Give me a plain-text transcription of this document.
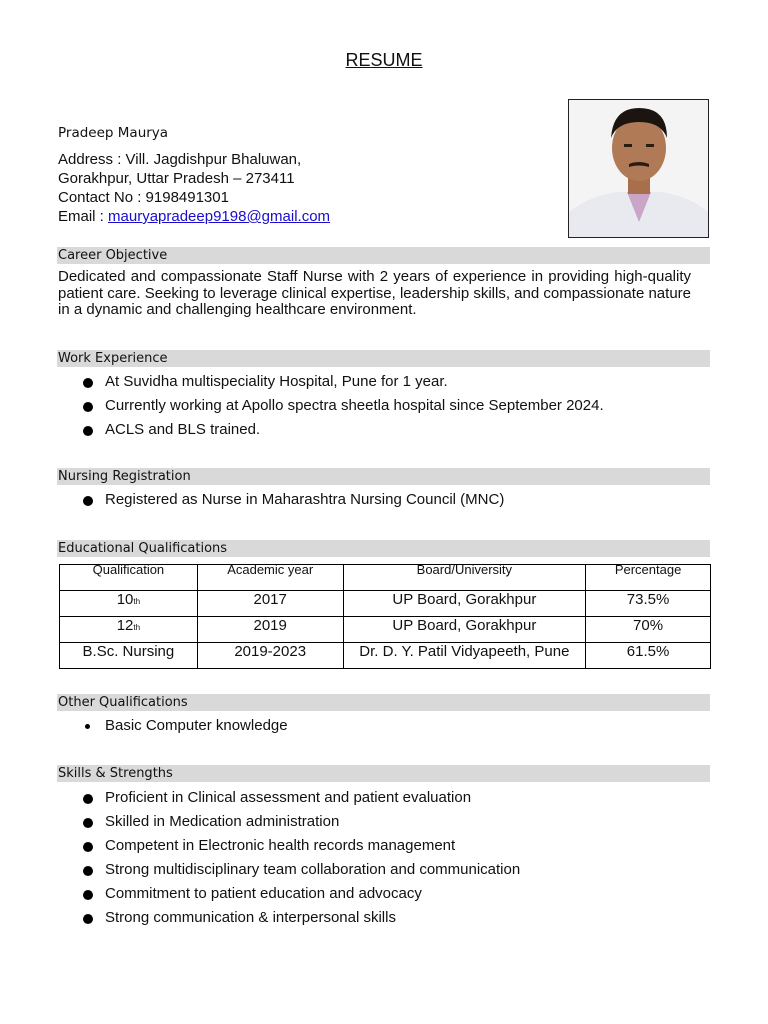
RESUME
Pradeep Maurya
Address : Vill. Jagdishpur Bhaluwan,
Gorakhpur, Uttar Pradesh – 273411
Contact No : 9198491301
Email : mauryapradeep9198@gmail.com
Career Objective
Dedicated and compassionate Staff Nurse with 2 years of experience in providing high-quality patient care. Seeking to leverage clinical expertise, leadership skills, and compassionate nature in a dynamic and challenging healthcare environment.
Work Experience
At Suvidha multispeciality Hospital, Pune for 1 year.
Currently working at Apollo spectra sheetla hospital since September 2024.
ACLS and BLS trained.
Nursing Registration
Registered as Nurse in Maharashtra Nursing Council (MNC)
Educational Qualifications
Qualification	Academic year	Board/University	Percentage
10th	2017	UP Board, Gorakhpur	73.5%
12th	2019	UP Board, Gorakhpur	70%
B.Sc. Nursing	2019-2023	Dr. D. Y. Patil Vidyapeeth, Pune	61.5%
Other Qualifications
Basic Computer knowledge
Skills & Strengths
Proficient in Clinical assessment and patient evaluation
Skilled in Medication administration
Competent in Electronic health records management
Strong multidisciplinary team collaboration and communication
Commitment to patient education and advocacy
Strong communication & interpersonal skills
